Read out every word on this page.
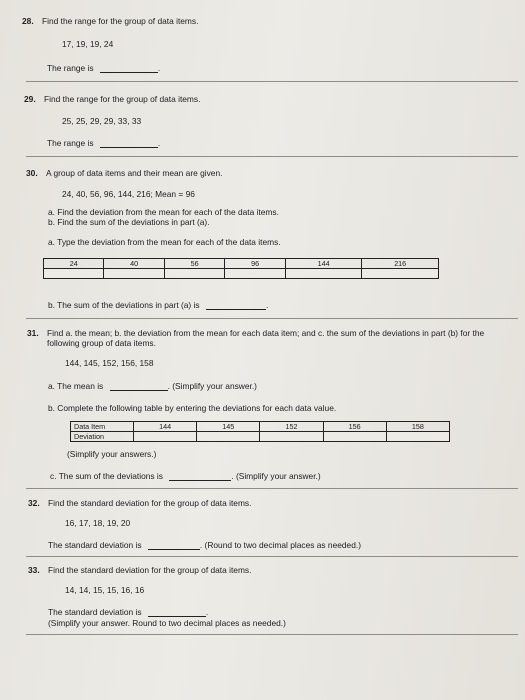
28. Find the range for the group of data items.
17, 19, 19, 24
The range is	.
29. Find the range for the group of data items.
25, 25, 29, 29, 33, 33
The range is	.
30. A group of data items and their mean are given.
24, 40, 56, 96, 144, 216; Mean = 96
a. Find the deviation from the mean for each of the data items.
b. Find the sum of the deviations in part (a).
a. Type the deviation from the mean for each of the data items.
24	40	56	96	144	216

b. The sum of the deviations in part (a) is	.
31. Find a. the mean; b. the deviation from the mean for each data item; and c. the sum of the deviations in part (b) for the
following group of data items.
144, 145, 152, 156, 158
a. The mean is	. (Simplify your answer.)
b. Complete the following table by entering the deviations for each data value.
Data Item	144	145	152	156	158
Deviation					
(Simplify your answers.)
c. The sum of the deviations is	. (Simplify your answer.)
32. Find the standard deviation for the group of data items.
16, 17, 18, 19, 20
The standard deviation is	. (Round to two decimal places as needed.)
33. Find the standard deviation for the group of data items.
14, 14, 15, 15, 16, 16
The standard deviation is	.
(Simplify your answer. Round to two decimal places as needed.)
